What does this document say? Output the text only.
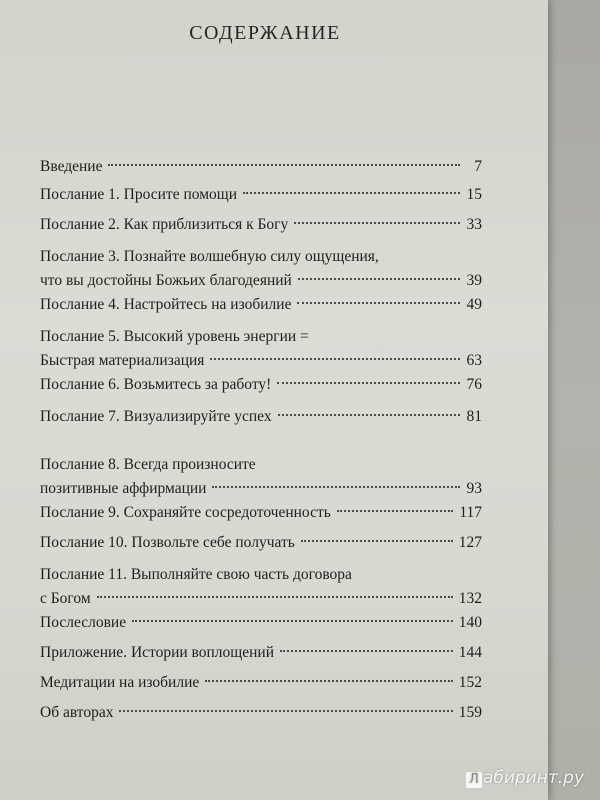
СОДЕРЖАНИЕ
Введение	7
Послание 1. Просите помощи	15
Послание 2. Как приблизиться к Богу	33
Послание 3. Познайте волшебную силу ощущения,
что вы достойны Божьих благодеяний	39
Послание 4. Настройтесь на изобилие	49
Послание 5. Высокий уровень энергии =
Быстрая материализация	63
Послание 6. Возьмитесь за работу!	76
Послание 7. Визуализируйте успех	81
Послание 8. Всегда произносите
позитивные аффирмации	93
Послание 9. Сохраняйте сосредоточенность	117
Послание 10. Позвольте себе получать	127
Послание 11. Выполняйте свою часть договора
с Богом	132
Послесловие	140
Приложение. Истории воплощений	144
Медитации на изобилие	152
Об авторах	159
Л абиринт.ру
